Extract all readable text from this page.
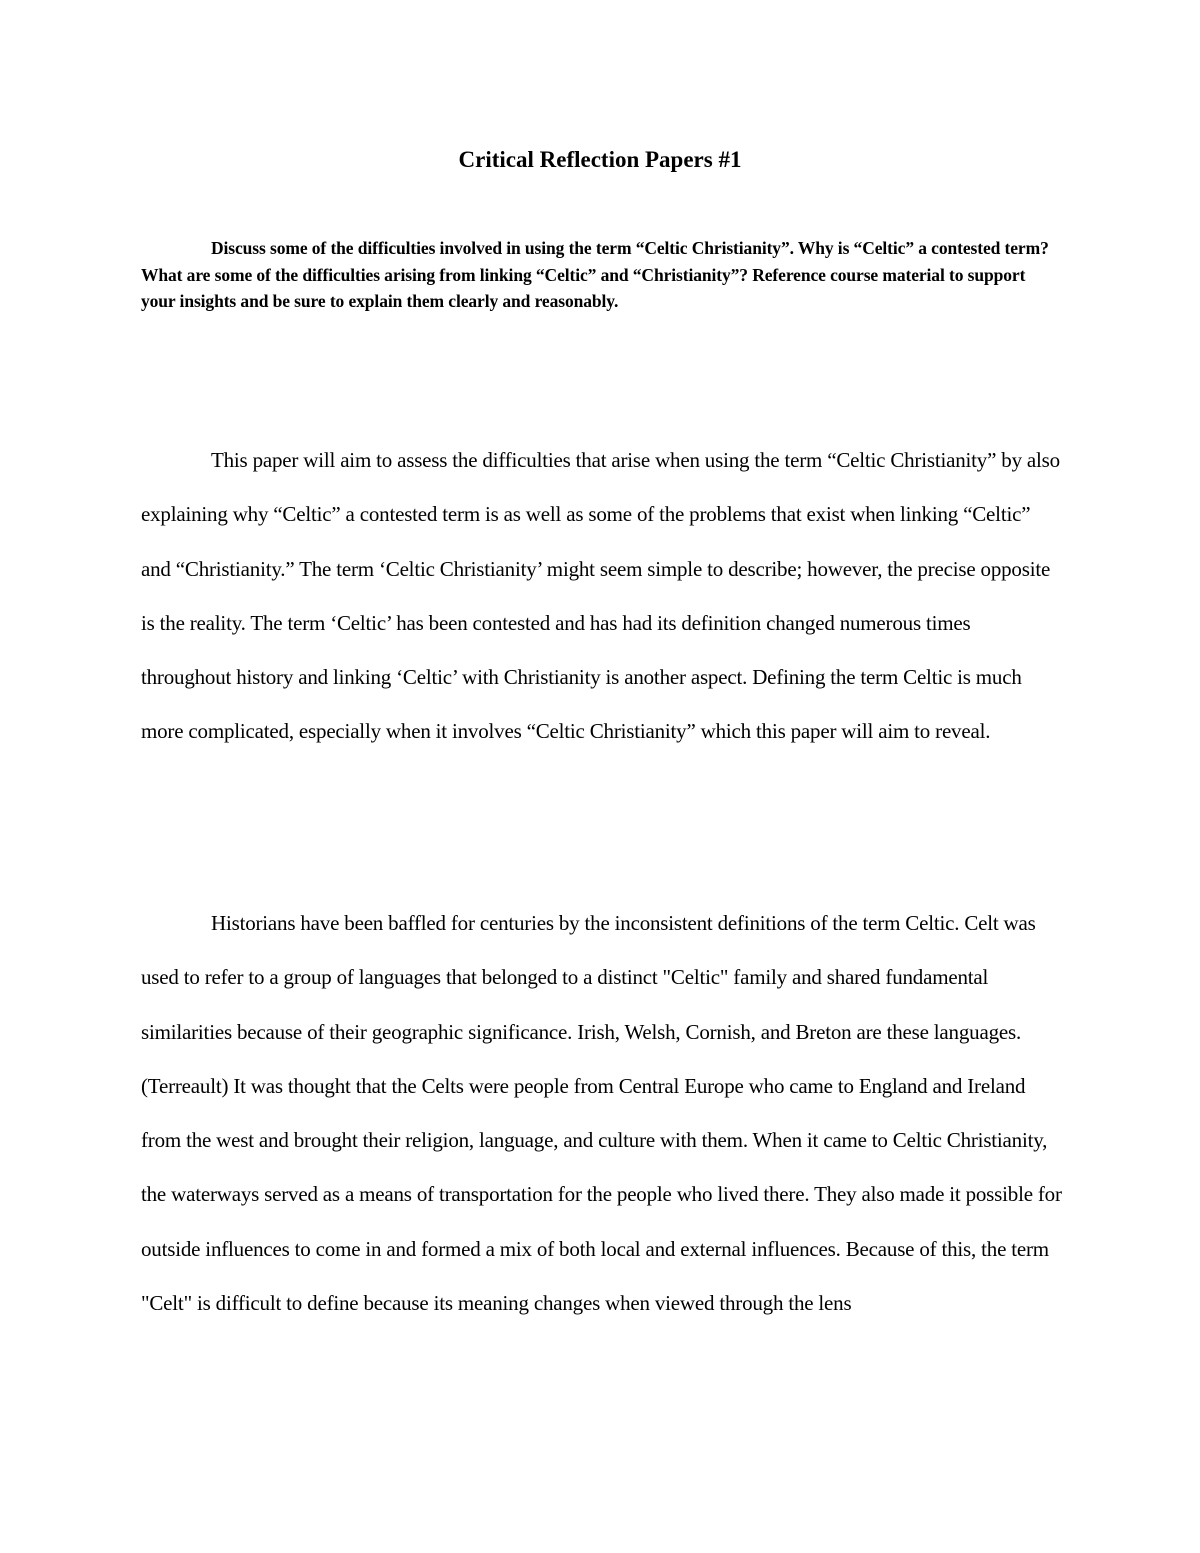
Critical Reflection Papers #1

Discuss some of the difficulties involved in using the term “Celtic Christianity”. Why is “Celtic” a contested term? What are some of the difficulties arising from linking “Celtic” and “Christianity”? Reference course material to support your insights and be sure to explain them clearly and reasonably.

This paper will aim to assess the difficulties that arise when using the term “Celtic Christianity” by also explaining why “Celtic” a contested term is as well as some of the problems that exist when linking “Celtic” and “Christianity.” The term ‘Celtic Christianity’ might seem simple to describe; however, the precise opposite is the reality. The term ‘Celtic’ has been contested and has had its definition changed numerous times throughout history and linking ‘Celtic’ with Christianity is another aspect. Defining the term Celtic is much more complicated, especially when it involves “Celtic Christianity” which this paper will aim to reveal.

Historians have been baffled for centuries by the inconsistent definitions of the term Celtic. Celt was used to refer to a group of languages that belonged to a distinct "Celtic" family and shared fundamental similarities because of their geographic significance. Irish, Welsh, Cornish, and Breton are these languages. (Terreault) It was thought that the Celts were people from Central Europe who came to England and Ireland from the west and brought their religion, language, and culture with them. When it came to Celtic Christianity, the waterways served as a means of transportation for the people who lived there. They also made it possible for outside influences to come in and formed a mix of both local and external influences. Because of this, the term "Celt" is difficult to define because its meaning changes when viewed through the lens
